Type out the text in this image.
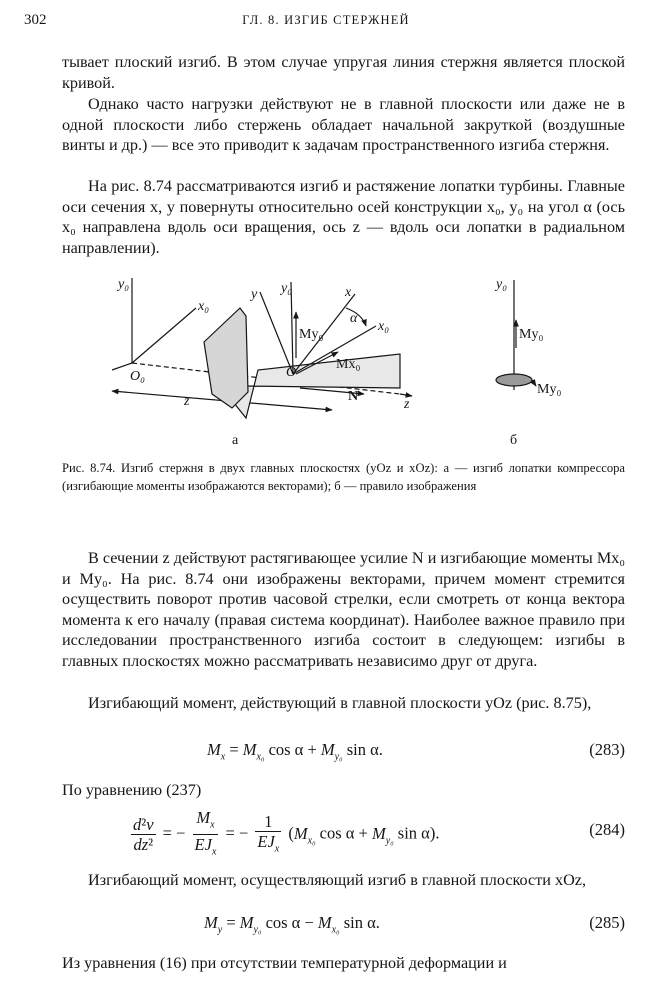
302	ГЛ. 8. ИЗГИБ СТЕРЖНЕЙ
тывает плоский изгиб. В этом случае упругая линия стержня является плоской кривой.
Однако часто нагрузки действуют не в главной плоскости или даже не в одной плоскости либо стержень обладает начальной закруткой (воздушные винты и др.) — все это приводит к задачам пространственного изгиба стержня.
На рис. 8.74 рассматриваются изгиб и растяжение лопатки турбины. Главные оси сечения x, y повернуты относительно осей конструкции x₀, y₀ на угол α (ось x₀ направлена вдоль оси вращения, ось z — вдоль оси лопатки в радиальном направлении).
y₀
x₀
O₀
z
y y₀	x
α
x₀
My₀
Mx₀
O
N
z
y₀
My₀
My₀
а	б
Рис. 8.74. Изгиб стержня в двух главных плоскостях (yOz и xOz): а — изгиб лопатки компрессора (изгибающие моменты изображаются векторами); б — правило изображения
В сечении z действуют растягивающее усилие N и изгибающие моменты Mx₀ и My₀. На рис. 8.74 они изображены векторами, причем момент стремится осуществить поворот против часовой стрелки, если смотреть от конца вектора момента к его началу (правая система координат). Наиболее важное правило при исследовании пространственного изгиба состоит в следующем: изгибы в главных плоскостях можно рассматривать независимо друг от друга.
Изгибающий момент, действующий в главной плоскости yOz (рис. 8.75),
$M_x = M_{x_0}$ $\cos \alpha + M_{y_0}$ sin α.	(283)
По уравнению (237)
$\frac{\text{d²v}}{\text{dz²}}$ = − $\frac{M_x}{EJ_x}$ = − $\frac{1}{EJ_x} (M_{x_0}$ $\cos \alpha + M_{y_0}$ sin α).	(284)
Изгибающий момент, осуществляющий изгиб в главной плоскости xOz,
$M_y = M_{y_0}$ $\cos \alpha - M_{x_0}$ sin α.	(285)
Из уравнения (16) при отсутствии температурной деформации и
